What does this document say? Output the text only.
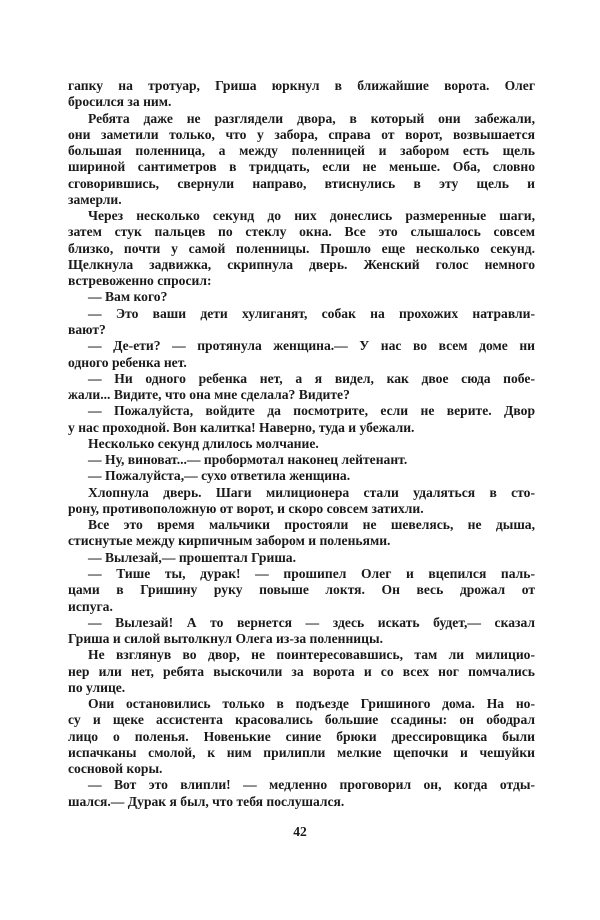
гапку на тротуар, Гриша юркнул в ближайшие ворота. Олег
бросился за ним.
Ребята даже не разглядели двора, в который они забежали,
они заметили только, что у забора, справа от ворот, возвышается
большая поленница, а между поленницей и забором есть щель
шириной сантиметров в тридцать, если не меньше. Оба, словно
сговорившись, свернули направо, втиснулись в эту щель и
замерли.
Через несколько секунд до них донеслись размеренные шаги,
затем стук пальцев по стеклу окна. Все это слышалось совсем
близко, почти у самой поленницы. Прошло еще несколько секунд.
Щелкнула задвижка, скрипнула дверь. Женский голос немного
встревоженно спросил:
— Вам кого?
— Это ваши дети хулиганят, собак на прохожих натравли-
вают?
— Де-ети? — протянула женщина.— У нас во всем доме ни
одного ребенка нет.
— Ни одного ребенка нет, а я видел, как двое сюда побе-
жали... Видите, что она мне сделала? Видите?
— Пожалуйста, войдите да посмотрите, если не верите. Двор
у нас проходной. Вон калитка! Наверно, туда и убежали.
Несколько секунд длилось молчание.
— Ну, виноват...— пробормотал наконец лейтенант.
— Пожалуйста,— сухо ответила женщина.
Хлопнула дверь. Шаги милиционера стали удаляться в сто-
рону, противоположную от ворот, и скоро совсем затихли.
Все это время мальчики простояли не шевелясь, не дыша,
стиснутые между кирпичным забором и поленьями.
— Вылезай,— прошептал Гриша.
— Тише ты, дурак! — прошипел Олег и вцепился паль-
цами в Гришину руку повыше локтя. Он весь дрожал от
испуга.
— Вылезай! А то вернется — здесь искать будет,— сказал
Гриша и силой вытолкнул Олега из-за поленницы.
Не взглянув во двор, не поинтересовавшись, там ли милицио-
нер или нет, ребята выскочили за ворота и со всех ног помчались
по улице.
Они остановились только в подъезде Гришиного дома. На но-
су и щеке ассистента красовались большие ссадины: он ободрал
лицо о поленья. Новенькие синие брюки дрессировщика были
испачканы смолой, к ним прилипли мелкие щепочки и чешуйки
сосновой коры.
— Вот это влипли! — медленно проговорил он, когда отды-
шался.— Дурак я был, что тебя послушался.
42
